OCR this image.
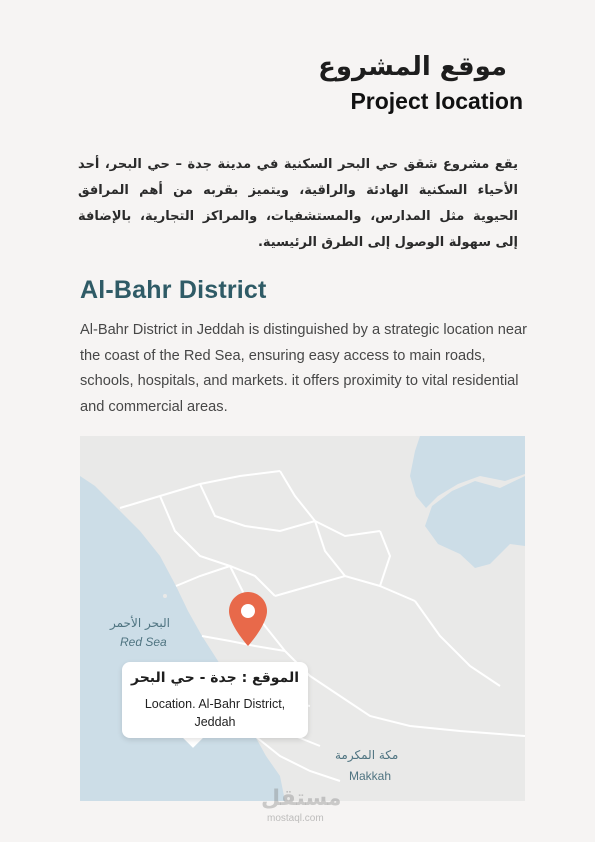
موقع المشروع
Project location
يقع مشروع شقق حي البحر السكنية في مدينة جدة – حي البحر، أحد الأحياء السكنية الهادئة والراقية، ويتميز بقربه من أهم المرافق الحيوية مثل المدارس، والمستشفيات، والمراكز التجارية، بالإضافة إلى سهولة الوصول إلى الطرق الرئيسية.
Al-Bahr District
Al-Bahr District in Jeddah is distinguished by a strategic location near the coast of the Red Sea, ensuring easy access to main roads, schools, hospitals, and markets. it offers proximity to vital residential and commercial areas.
البحر الأحمر
Red Sea
مكة المكرمة
Makkah
الموقع : جدة - حي البحر
Location. Al-Bahr District,
Jeddah
مستقل
mostaql.com
